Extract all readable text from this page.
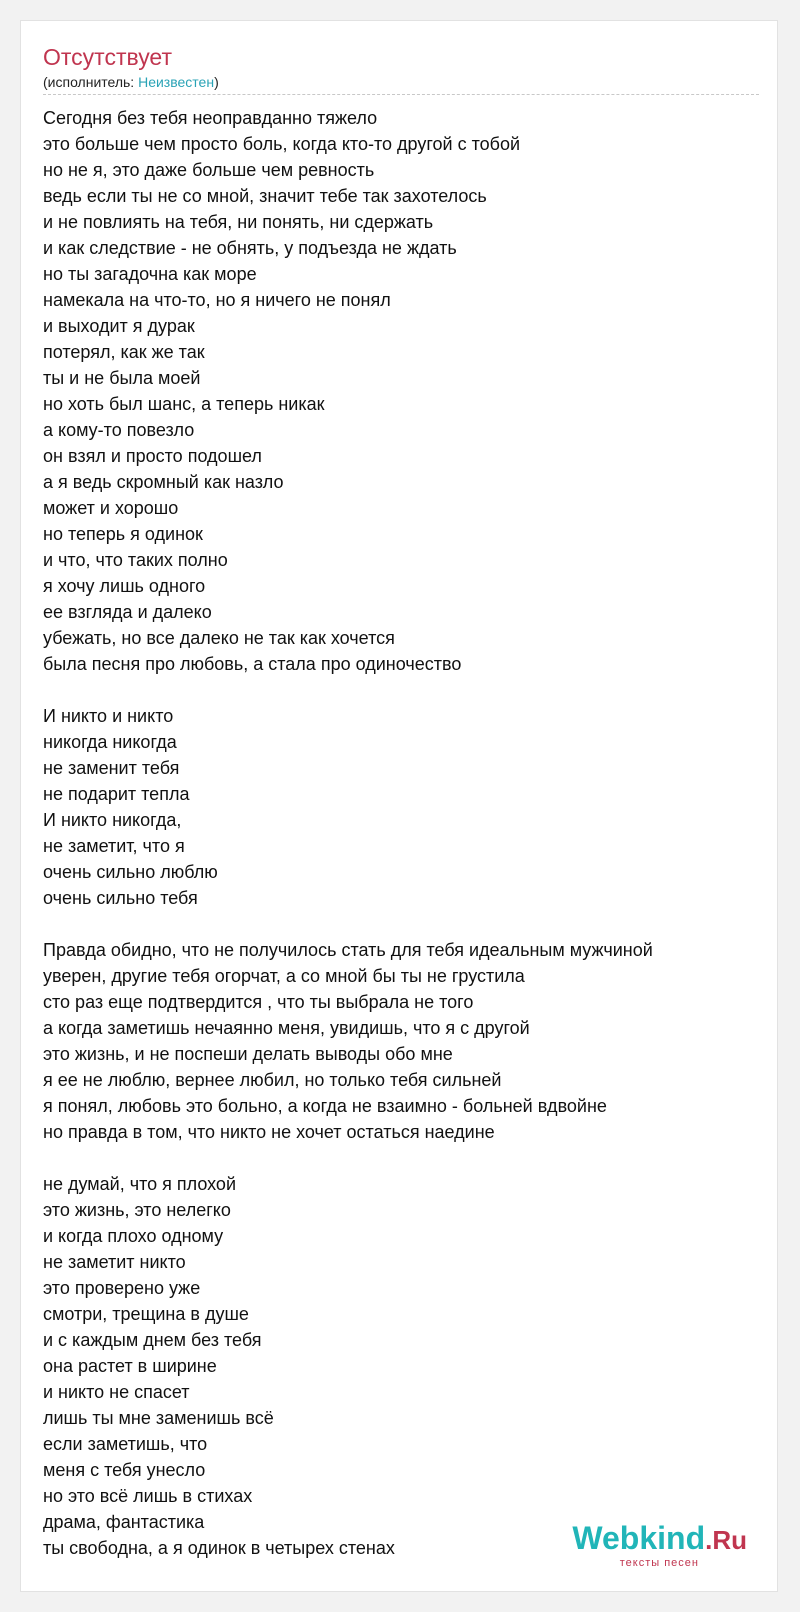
Отсутствует
(исполнитель: Неизвестен)
Сегодня без тебя неоправданно тяжело
это больше чем просто боль, когда кто-то другой с тобой
но не я, это даже больше чем ревность
ведь если ты не со мной, значит тебе так захотелось
и не повлиять на тебя, ни понять, ни сдержать
и как следствие - не обнять, у подъезда не ждать
но ты загадочна как море
намекала на что-то, но я ничего не понял
и выходит я дурак
потерял, как же так
ты и не была моей
но хоть был шанс, а теперь никак
а кому-то повезло
он взял и просто подошел
а я ведь скромный как назло
может и хорошо
но теперь я одинок
и что, что таких полно
я хочу лишь одного
ее взгляда и далеко
убежать, но все далеко не так как хочется
была песня про любовь, а стала про одиночество
И никто и никто
никогда никогда
не заменит тебя
не подарит тепла
И никто никогда,
не заметит, что я
очень сильно люблю
очень сильно тебя
Правда обидно, что не получилось стать для тебя идеальным мужчиной
уверен, другие тебя огорчат, а со мной бы ты не грустила
сто раз еще подтвердится , что ты выбрала не того
а когда заметишь нечаянно меня, увидишь, что я с другой
это жизнь, и не поспеши делать выводы обо мне
я ее не люблю, вернее любил, но только тебя сильней
я понял, любовь это больно, а когда не взаимно - больней вдвойне
но правда в том, что никто не хочет остаться наедине
не думай, что я плохой
это жизнь, это нелегко
и когда плохо одному
не заметит никто
это проверено уже
смотри, трещина в душе
и с каждым днем без тебя
она растет в ширине
и никто не спасет
лишь ты мне заменишь всё
если заметишь, что
меня с тебя унесло
но это всё лишь в стихах
драма, фантастика
ты свободна, а я одинок в четырех стенах	Webkind.Ru
тексты песен
